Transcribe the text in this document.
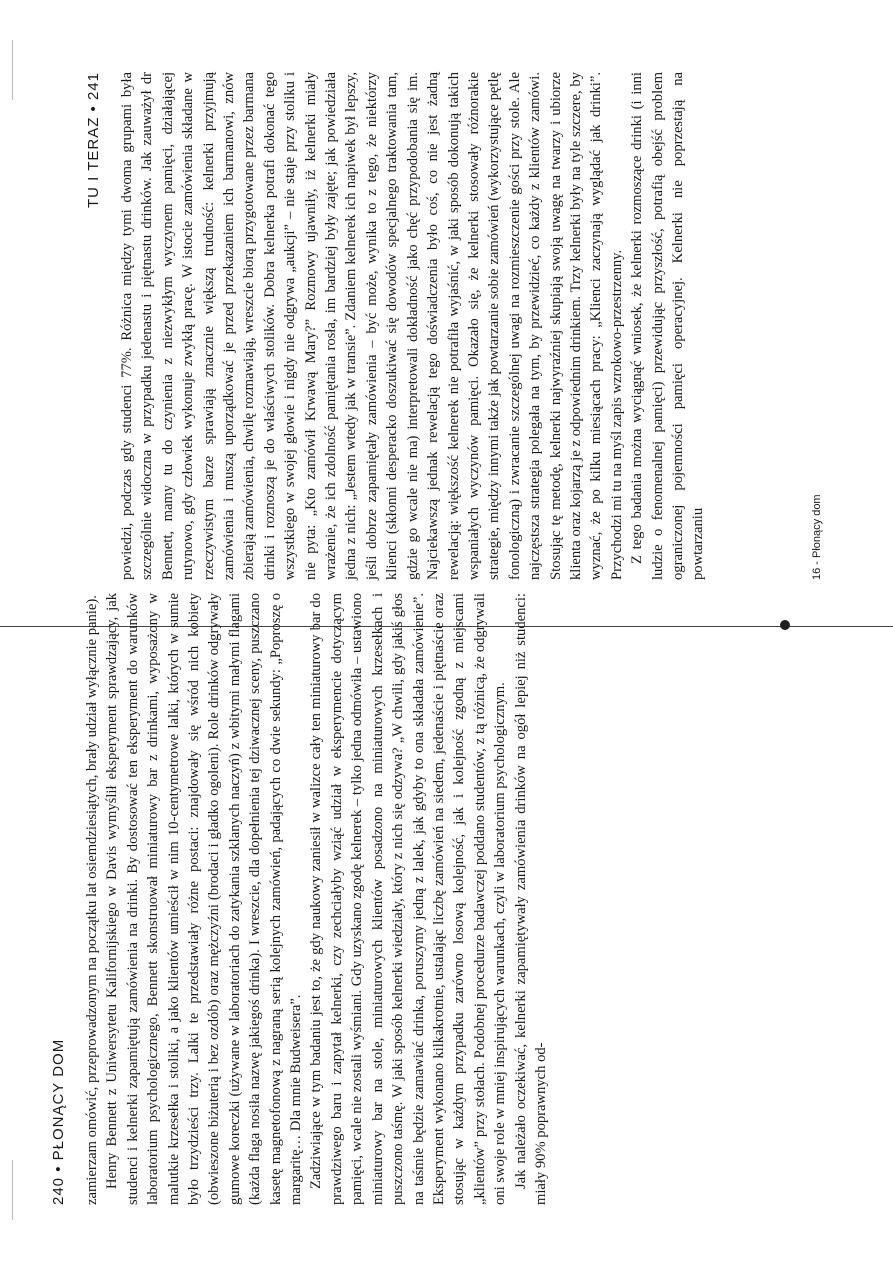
240 • PŁONĄCY DOM	zamierzam omówić, przeprowadzonym na początku lat osiemdziesiątych, brały udział wyłącznie panie). Henry Bennett z Uniwersytetu Kalifornijskiego w Davis wymyślił eksperyment sprawdzający, jak studenci i kelnerki zapamiętują zamówienia na drinki. By dostosować ten eksperyment do warunków laboratorium psychologicznego, Bennett skonstruował miniaturowy bar z drinkami, wyposażony w malutkie krzesełka i stoliki, a jako klientów umieścił w nim 10-centymetrowe lalki, których w sumie było trzydzieści trzy. Lalki te przedstawiały różne postaci: znajdowały się wśród nich kobiety (obwieszone biżuterią i bez ozdób) oraz mężczyźni (brodaci i gładko ogoleni). Role drinków odgrywały gumowe koreczki (używane w laboratoriach do zatykania szklanych naczyń) z wbitymi małymi flagami (każda flaga nosiła nazwę jakiegoś drinka). I wreszcie, dla dopełnienia tej dziwacznej sceny, puszczano kasetę magnetofonową z nagraną serią kolejnych zamówień, padających co dwie sekundy: „Poproszę o margaritę… Dla mnie Budweisera”. Zadziwiające w tym badaniu jest to, że gdy naukowy zaniesił w walizce cały ten miniaturowy bar do prawdziwego baru i zapytał kelnerki, czy zechciałyby wziąć udział w eksperymencie dotyczącym pamięci, wcale nie zostali wyśmiani. Gdy uzyskano zgodę kelnerek – tylko jedna odmówiła – ustawiono miniaturowy bar na stole, miniaturowych klientów posadzono na miniaturowych krzesełkach i puszczono taśmę. W jaki sposób kelnerki wiedziały, który z nich się odzywa? „W chwili, gdy jakiś głos na taśmie będzie zamawiać drinka, poruszymy jedną z lalek, jak gdyby to ona składała zamówienie”. Eksperyment wykonano kilkakrotnie, ustalając liczbę zamówień na siedem, jedenaście i piętnaście oraz stosując w każdym przypadku zarówno losową kolejność, jak i kolejność zgodną z miejscami „klientów” przy stołach. Podobnej procedurze badawczej poddano studentów, z tą różnicą, że odgrywali oni swoje role w mniej inspirujących warunkach, czyli w laboratorium psychologicznym. Jak należało oczekiwać, kelnerki zapamiętywały zamówienia drinków na ogół lepiej niż studenci: miały 90% poprawnych od-

TU I TERAZ • 241	powiedzi, podczas gdy studenci 77%. Różnica między tymi dwoma grupami była szczególnie widoczna w przypadku jedenastu i piętnastu drinków. Jak zauważył dr Bennett, mamy tu do czynienia z niezwykłym wyczynem pamięci, działającej rutynowo, gdy człowiek wykonuje zwykłą pracę. W istocie zamówienia składane w rzeczywistym barze sprawiają znacznie większą trudność: kelnerki przyjmują zamówienia i muszą uporządkować je przed przekazaniem ich barmanowi, znów zbierają zamówienia, chwilę rozmawiają, wreszcie biorą przygotowane przez barmana drinki i roznoszą je do właściwych stolików. Dobra kelnerka potrafi dokonać tego wszystkiego w swojej głowie i nigdy nie odgrywa „aukcji” – nie staje przy stoliku i nie pyta: „Kto zamówił Krwawą Mary?” Rozmowy ujawniły, iż kelnerki miały wrażenie, że ich zdolność pamiętania rosła, im bardziej były zajęte; jak powiedziała jedna z nich: „Jestem wtedy jak w transie”. Zdaniem kelnerek ich napiwek był lepszy, jeśli dobrze zapamiętały zamówienia – być może, wynika to z tego, że niektórzy klienci (skłonni desperacko doszukiwać się dowodów specjalnego traktowania tam, gdzie go wcale nie ma) interpretowali dokładność jako chęć przypodobania się im. Najciekawszą jednak rewelacją tego doświadczenia było coś, co nie jest żadną rewelacją: większość kelnerek nie potrafiła wyjaśnić, w jaki sposób dokonują takich wspaniałych wyczynów pamięci. Okazało się, że kelnerki stosowały różnorakie strategie, między innymi także jak powtarzanie sobie zamówień (wykorzystujące pętlę fonologiczną) i zwracanie szczególnej uwagi na rozmieszczenie gości przy stole. Ale najczęstsza strategia polegała na tym, by przewidzieć, co każdy z klientów zamówi. Stosując tę metodę, kelnerki najwyraźniej skupiają swoją uwagę na twarzy i ubiorze klienta oraz kojarzą je z odpowiednim drinkiem. Trzy kelnerki były na tyle szczere, by wyznać, że po kilku miesiącach pracy: „Klienci zaczynają wyglądać jak drinki”. Przychodzi mi tu na myśl zapis wzrokowo-przestrzenny. Z tego badania można wyciągnąć wniosek, że kelnerki rozmoszące drinki (i inni ludzie o fenomenalnej pamięci) przewidując przyszłość, potrafią obejść problem ograniczonej pojemności pamięci operacyjnej. Kelnerki nie poprzestają na powtarzaniu	16 - Płonący dom
